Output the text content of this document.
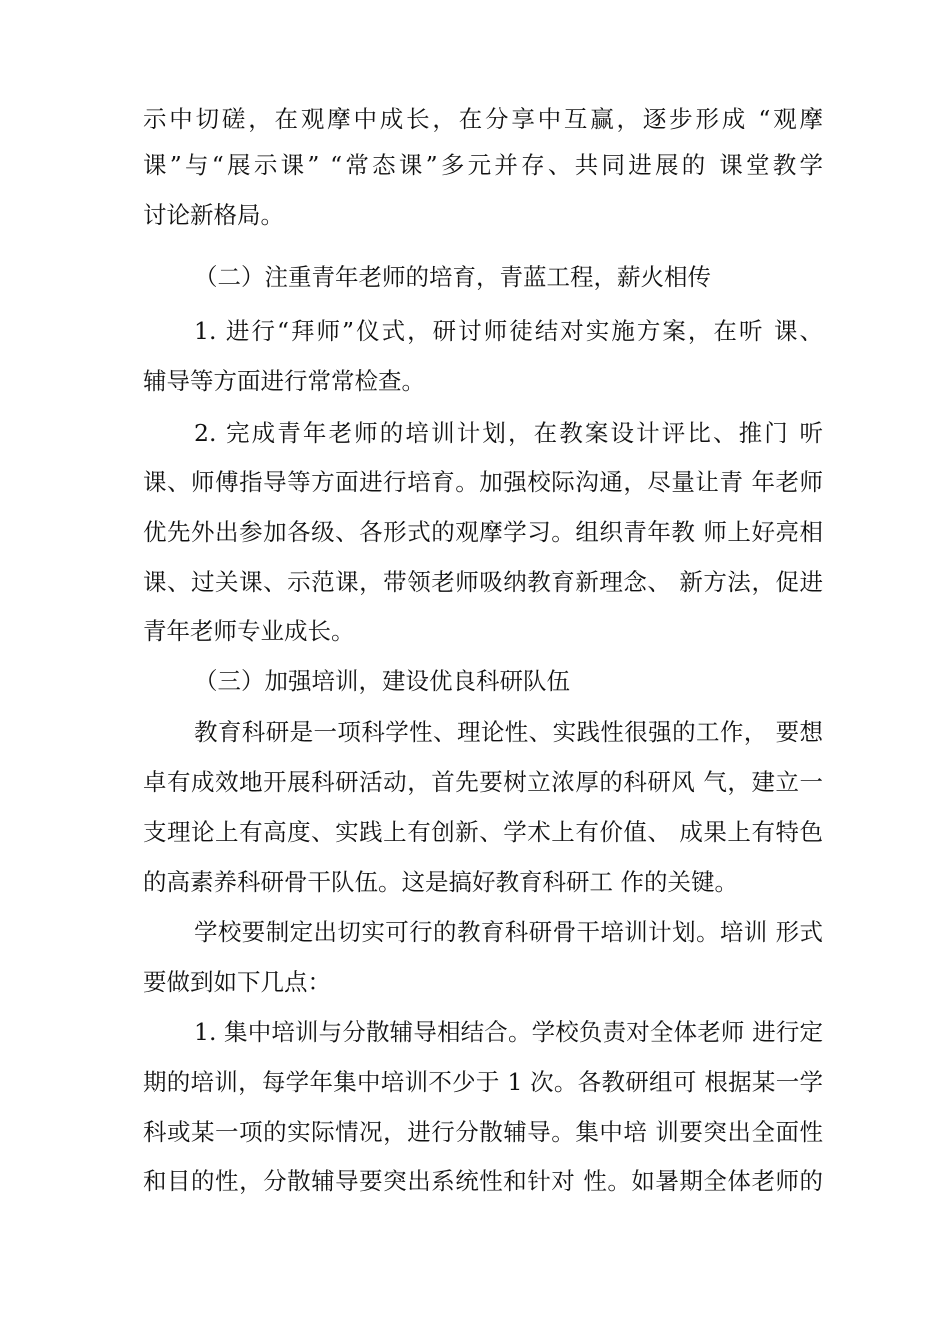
示中切磋，在观摩中成长，在分享中互赢，逐步形成 “观摩
课”与“展示课” “常态课”多元并存、共同进展的 课堂教学
讨论新格局。
（二）注重青年老师的培育，青蓝工程，薪火相传
1. 进行“拜师”仪式，研讨师徒结对实施方案，在听 课、
辅导等方面进行常常检查。
2. 完成青年老师的培训计划，在教案设计评比、推门 听
课、师傅指导等方面进行培育。加强校际沟通，尽量让青 年老师
优先外出参加各级、各形式的观摩学习。组织青年教 师上好亮相
课、过关课、示范课，带领老师吸纳教育新理念、 新方法，促进
青年老师专业成长。
（三）加强培训，建设优良科研队伍
教育科研是一项科学性、理论性、实践性很强的工作， 要想
卓有成效地开展科研活动，首先要树立浓厚的科研风 气，建立一
支理论上有高度、实践上有创新、学术上有价值、 成果上有特色
的高素养科研骨干队伍。这是搞好教育科研工 作的关键。
学校要制定出切实可行的教育科研骨干培训计划。培训 形式
要做到如下几点：
1. 集中培训与分散辅导相结合。学校负责对全体老师 进行定
期的培训，每学年集中培训不少于 1 次。各教研组可 根据某一学
科或某一项的实际情况，进行分散辅导。集中培 训要突出全面性
和目的性，分散辅导要突出系统性和针对 性。如暑期全体老师的
